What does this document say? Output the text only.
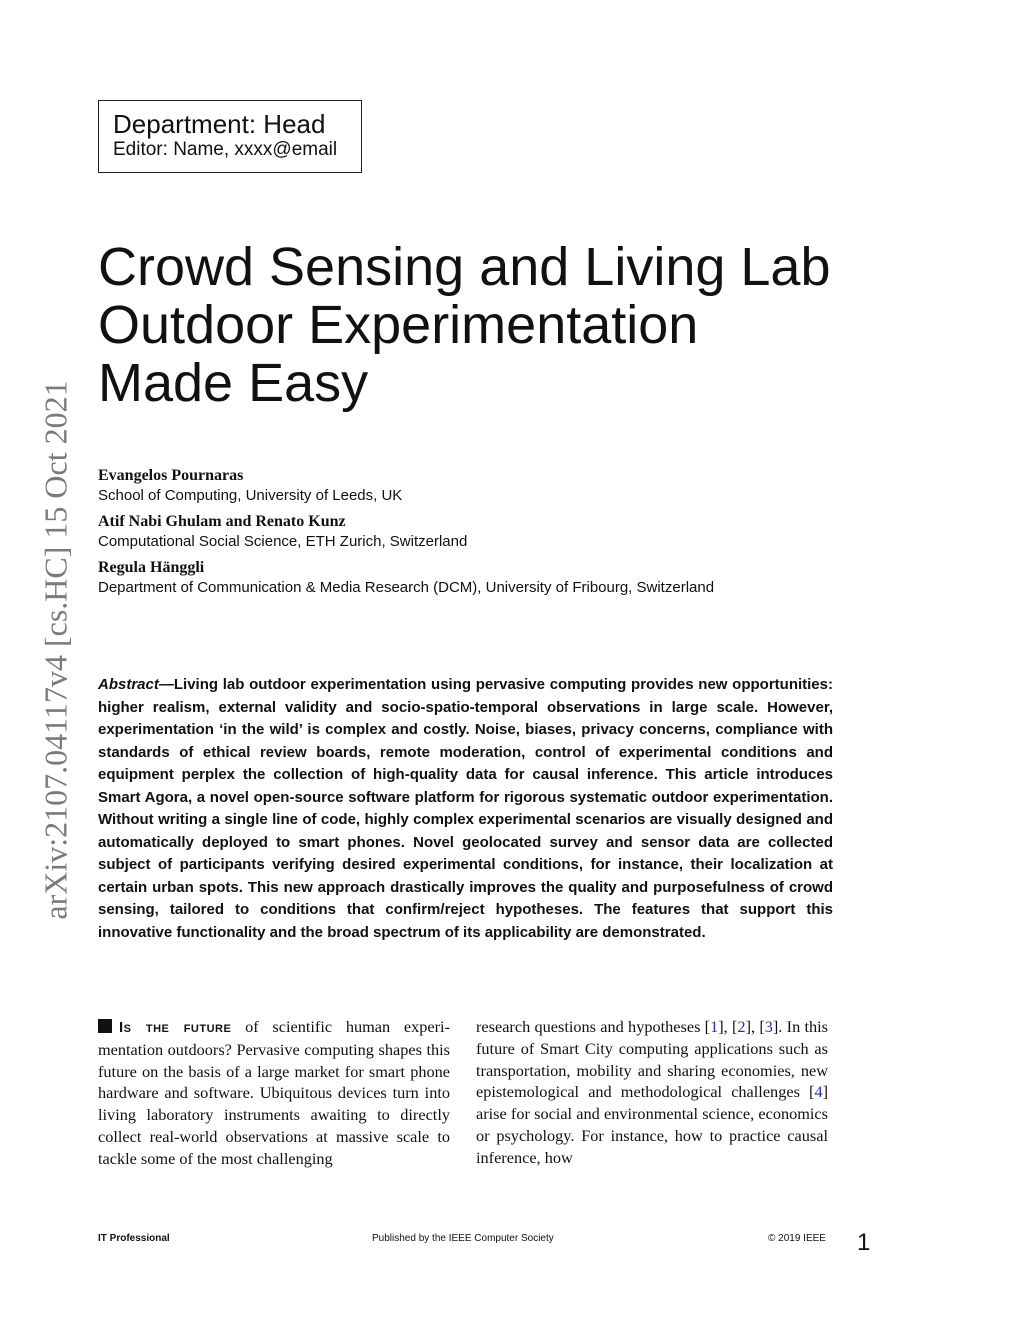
arXiv:2107.04117v4 [cs.HC] 15 Oct 2021
Department: Head
Editor: Name, xxxx@email
Crowd Sensing and Living Lab
Outdoor Experimentation
Made Easy
Evangelos Pournaras
School of Computing, University of Leeds, UK
Atif Nabi Ghulam and Renato Kunz
Computational Social Science, ETH Zurich, Switzerland
Regula Hänggli
Department of Communication & Media Research (DCM), University of Fribourg, Switzerland

Abstract—Living lab outdoor experimentation using pervasive computing provides new opportunities: higher realism, external validity and socio-spatio-temporal observations in large scale. However, experimentation ‘in the wild’ is complex and costly. Noise, biases, privacy concerns, compliance with standards of ethical review boards, remote moderation, control of experimental conditions and equipment perplex the collection of high-quality data for causal inference. This article introduces Smart Agora, a novel open-source software platform for rigorous systematic outdoor experimentation. Without writing a single line of code, highly complex experimental scenarios are visually designed and automatically deployed to smart phones. Novel geolocated survey and sensor data are collected subject of participants verifying desired experimental conditions, for instance, their localization at certain urban spots. This new approach drastically improves the quality and purposefulness of crowd sensing, tailored to conditions that confirm/reject hypotheses. The features that support this innovative functionality and the broad spectrum of its applicability are demonstrated.

Is the future of scientific human experimentation outdoors? Pervasive computing shapes this future on the basis of a large market for smart phone hardware and software. Ubiquitous devices turn into living laboratory instruments awaiting to directly collect real-world observations at massive scale to tackle some of the most challenging

research questions and hypotheses [1], [2], [3]. In this future of Smart City computing applications such as transportation, mobility and sharing economies, new epistemological and methodological challenges [4] arise for social and environmental science, economics or psychology. For instance, how to practice causal inference, how

IT Professional	Published by the IEEE Computer Society	© 2019 IEEE 1
